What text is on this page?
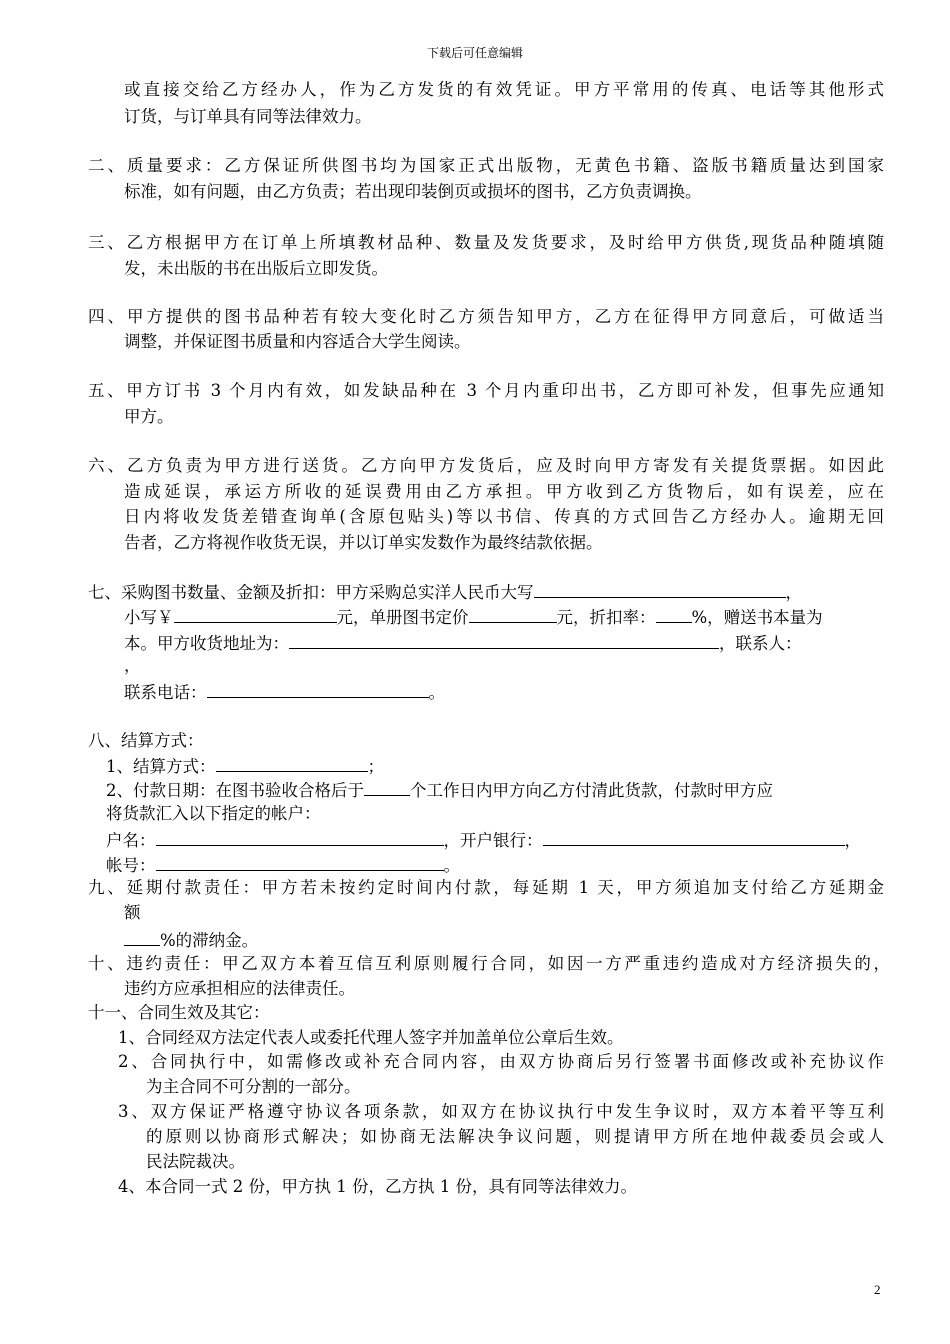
下载后可任意编辑
或直接交给乙方经办人，作为乙方发货的有效凭证。甲方平常用的传真、电话等其他形式
订货，与订单具有同等法律效力。
二、质量要求：乙方保证所供图书均为国家正式出版物，无黄色书籍、盗版书籍质量达到国家
标准，如有问题，由乙方负责；若出现印装倒页或损坏的图书，乙方负责调换。
三、乙方根据甲方在订单上所填教材品种、数量及发货要求，及时给甲方供货,现货品种随填随
发，未出版的书在出版后立即发货。
四、甲方提供的图书品种若有较大变化时乙方须告知甲方，乙方在征得甲方同意后，可做适当
调整，并保证图书质量和内容适合大学生阅读。
五、甲方订书 3 个月内有效，如发缺品种在 3 个月内重印出书，乙方即可补发，但事先应通知
甲方。
六、乙方负责为甲方进行送货。乙方向甲方发货后，应及时向甲方寄发有关提货票据。如因此
造成延误，承运方所收的延误费用由乙方承担。甲方收到乙方货物后，如有误差，应在
日内将收发货差错查询单(含原包贴头)等以书信、传真的方式回告乙方经办人。逾期无回
告者，乙方将视作收货无误，并以订单实发数作为最终结款依据。
七、采购图书数量、金额及折扣：甲方采购总实洋人民币大写	，
小写￥	元，单册图书定价	元，折扣率： %，赠送书本量为
本。甲方收货地址为：	，联系人：
，
联系电话：	。
八、结算方式：
1、结算方式：	；
2、付款日期：在图书验收合格后于	个工作日内甲方向乙方付清此货款，付款时甲方应
将货款汇入以下指定的帐户：
户名：	，开户银行：	，
帐号：	。
九、延期付款责任：甲方若未按约定时间内付款，每延期 1 天，甲方须追加支付给乙方延期金
额
%的滞纳金。
十、违约责任：甲乙双方本着互信互利原则履行合同，如因一方严重违约造成对方经济损失的，
违约方应承担相应的法律责任。
十一、合同生效及其它：
1、合同经双方法定代表人或委托代理人签字并加盖单位公章后生效。
2、合同执行中，如需修改或补充合同内容，由双方协商后另行签署书面修改或补充协议作
为主合同不可分割的一部分。
3、双方保证严格遵守协议各项条款，如双方在协议执行中发生争议时，双方本着平等互利
的原则以协商形式解决；如协商无法解决争议问题，则提请甲方所在地仲裁委员会或人
民法院裁决。
4、本合同一式 2 份，甲方执 1 份，乙方执 1 份，具有同等法律效力。
2
